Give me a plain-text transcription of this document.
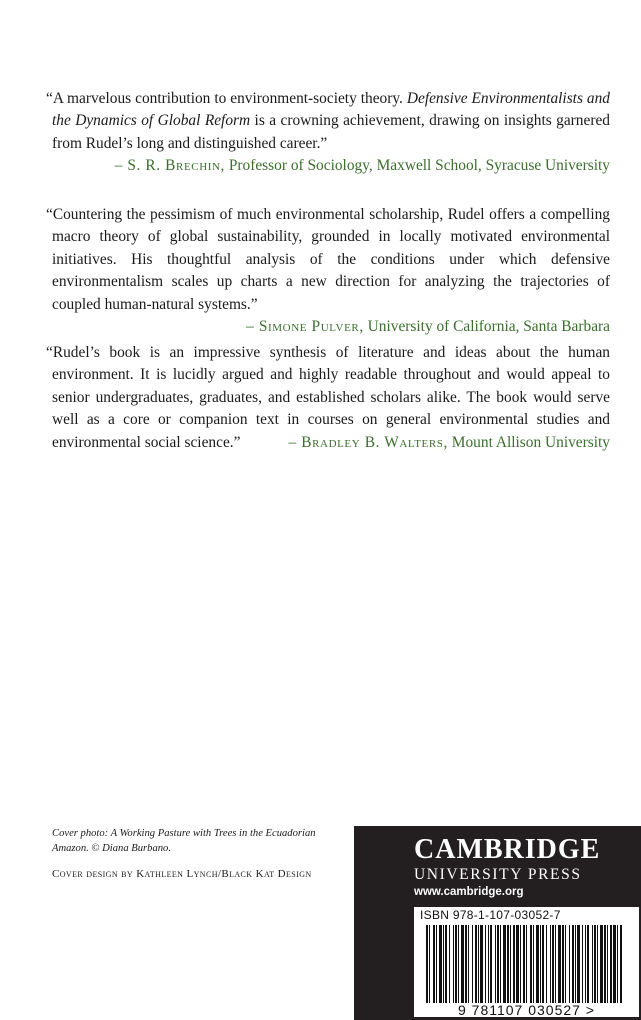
“A marvelous contribution to environment-society theory. Defensive Environmentalists and the Dynamics of Global Reform is a crowning achievement, drawing on insights garnered from Rudel’s long and distinguished career.”
– S. R. Brechin, Professor of Sociology, Maxwell School, Syracuse University

“Countering the pessimism of much environmental scholarship, Rudel offers a compelling macro theory of global sustainability, grounded in locally motivated environmental initiatives. His thoughtful analysis of the conditions under which defensive environmentalism scales up charts a new direction for analyzing the trajectories of coupled human-natural systems.”
– Simone Pulver, University of California, Santa Barbara

“Rudel’s book is an impressive synthesis of literature and ideas about the human environment. It is lucidly argued and highly readable throughout and would appeal to senior undergraduates, graduates, and established scholars alike. The book would serve well as a core or companion text in courses on general environmental studies and environmental social science.”	– Bradley B. Walters, Mount Allison University

Cover photo: A Working Pasture with Trees in the Ecuadorian Amazon. © Diana Burbano.
Cover design by Kathleen Lynch/Black Kat Design
CAMBRIDGE
UNIVERSITY PRESS
www.cambridge.org
ISBN 978-1-107-03052-7
9 781107 030527 >
